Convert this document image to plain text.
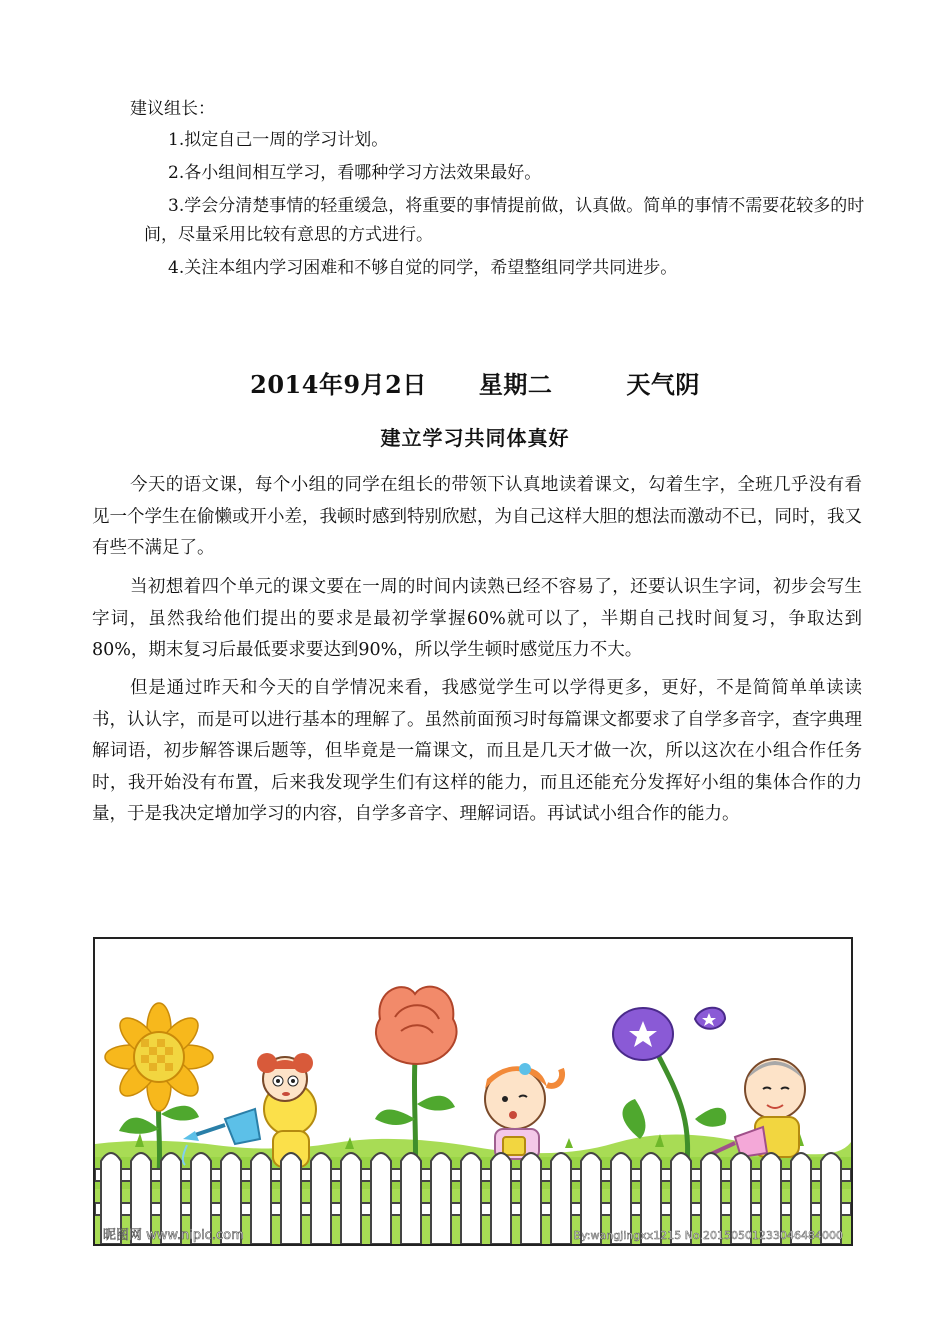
建议组长：

1.拟定自己一周的学习计划。

2.各小组间相互学习，看哪种学习方法效果最好。

3.学会分清楚事情的轻重缓急，将重要的事情提前做，认真做。简单的事情不需要花较多的时间，尽量采用比较有意思的方式进行。

4.关注本组内学习困难和不够自觉的同学，希望整组同学共同进步。

2014年9月2日 星期二	天气阴
建立学习共同体真好

今天的语文课，每个小组的同学在组长的带领下认真地读着课文，勾着生字，全班几乎没有看见一个学生在偷懒或开小差，我顿时感到特别欣慰，为自己这样大胆的想法而激动不已，同时，我又有些不满足了。

当初想着四个单元的课文要在一周的时间内读熟已经不容易了，还要认识生字词，初步会写生字词，虽然我给他们提出的要求是最初学掌握60%就可以了，半期自己找时间复习，争取达到80%，期末复习后最低要求要达到90%，所以学生顿时感觉压力不大。

但是通过昨天和今天的自学情况来看，我感觉学生可以学得更多，更好，不是简简单单读读书，认认字，而是可以进行基本的理解了。虽然前面预习时每篇课文都要求了自学多音字，查字典理解词语，初步解答课后题等，但毕竟是一篇课文，而且是几天才做一次，所以这次在小组合作任务时，我开始没有布置，后来我发现学生们有这样的能力，而且还能充分发挥好小组的集体合作的力量，于是我决定增加学习的内容，自学多音字、理解词语。再试试小组合作的能力。

昵图网 www.nipic.com	By:wangjingxx1215 No.20150501233046484000
